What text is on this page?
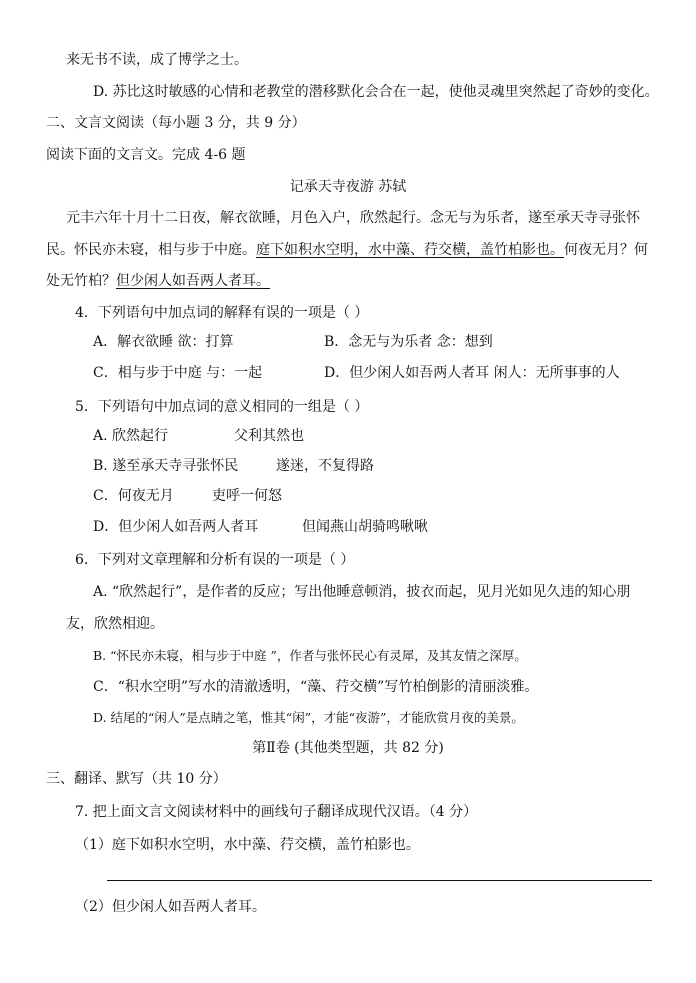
来无书不读，成了博学之士。
D. 苏比这时敏感的心情和老教堂的潜移默化会合在一起，使他灵魂里突然起了奇妙的变化。
二、文言文阅读（每小题 3 分，共 9 分）
阅读下面的文言文。完成 4-6 题
记承天寺夜游 苏轼
元丰六年十月十二日夜，解衣欲睡，月色入户，欣然起行。念无与为乐者，遂至承天寺寻张怀
民。怀民亦未寝，相与步于中庭。庭下如积水空明，水中藻、荇交横，盖竹柏影也。何夜无月？何
处无竹柏？但少闲人如吾两人者耳。
4．下列语句中加点词的解释有误的一项是（ ）
A．解衣欲睡 欲：打算	B．念无与为乐者 念：想到
C．相与步于中庭 与：一起	D．但少闲人如吾两人者耳 闲人：无所事事的人
5．下列语句中加点词的意义相同的一组是（ ）
A. 欣然起行	父利其然也
B. 遂至承天寺寻张怀民	遂迷，不复得路
C．何夜无月	吏呼一何怒
D．但少闲人如吾两人者耳	但闻燕山胡骑鸣啾啾
6．下列对文章理解和分析有误的一项是（ ）
A. “欣然起行”，是作者的反应；写出他睡意顿消，披衣而起，见月光如见久违的知心朋
友，欣然相迎。
B. “怀民亦未寝，相与步于中庭 ”，作者与张怀民心有灵犀，及其友情之深厚。
C．“积水空明”写水的清澈透明，“藻、荇交横”写竹柏倒影的清丽淡雅。
D. 结尾的“闲人”是点睛之笔，惟其“闲”，才能“夜游”，才能欣赏月夜的美景。
第Ⅱ卷 (其他类型题，共 82 分)
三、翻译、默写（共 10 分）
7. 把上面文言文阅读材料中的画线句子翻译成现代汉语。（4 分）
（1）庭下如积水空明，水中藻、荇交横，盖竹柏影也。
（2）但少闲人如吾两人者耳。
